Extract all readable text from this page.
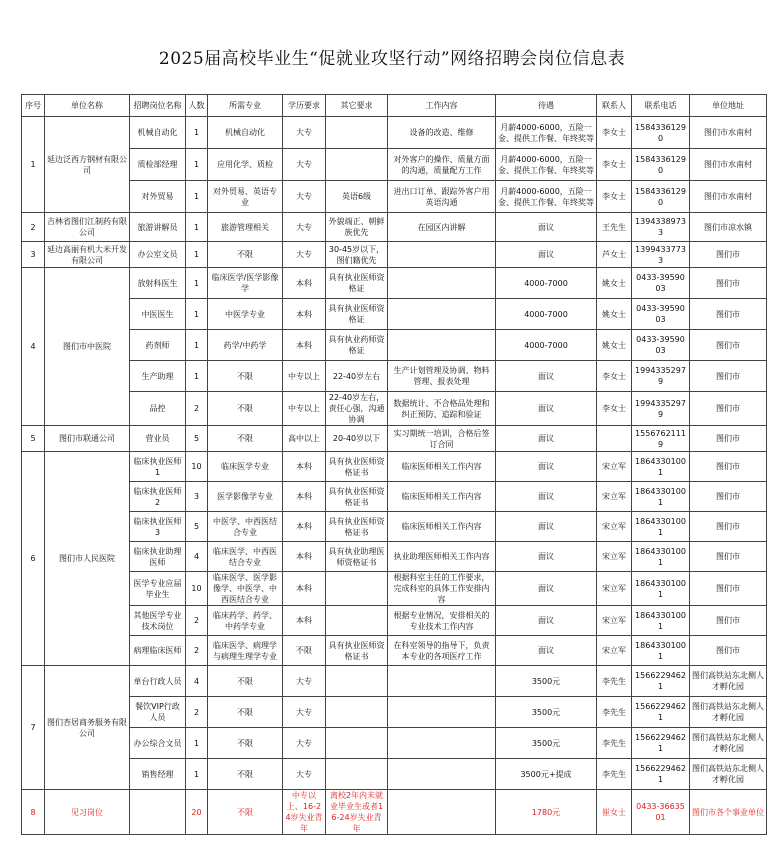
2025届高校毕业生“促就业攻坚行动”网络招聘会岗位信息表
序号	单位名称	招聘岗位名称	人数	所需专业	学历要求	其它要求	工作内容	待遇	联系人	联系电话	单位地址
1	延边泛西方钢材有限公司	机械自动化	1	机械自动化	大专		设备的改造、维修	月薪4000-6000，五险一金、提供工作餐、年终奖等	李女士	15843361290	图们市水南村
		质检部经理	1	应用化学、质检	大专		对外客户的操作、质量方面的沟通，质量配方工作	月薪4000-6000，五险一金、提供工作餐、年终奖等	李女士	15843361290	图们市水南村
		对外贸易	1	对外贸易、英语专业	大专	英语6级	进出口订单、跟踪外客户用英语沟通	月薪4000-6000，五险一金、提供工作餐、年终奖等	李女士	15843361290	图们市水南村
2	吉林省图们江制药有限公司	旅游讲解员	1	旅游管理相关	大专	外貌端正、朝鲜族优先	在园区内讲解	面议	王先生	13943389733	图们市凉水镇
3	延边高丽有机大米开发有限公司	办公室文员	1	不限	大专	30-45岁以下，图们籍优先		面议	芦女士	13994337733	图们市
4	图们市中医院	放射科医生	1	临床医学/医学影像学	本科	具有执业医师资格证		4000-7000	姚女士	0433-3959003	图们市
		中医医生	1	中医学专业	本科	具有执业医师资格证		4000-7000	姚女士	0433-3959003	图们市
		药剂师	1	药学/中药学	本科	具有执业药师资格证		4000-7000	姚女士	0433-3959003	图们市
		生产助理	1	不限	中专以上	22-40岁左右	生产计划管理及协调、物料管理、报表处理	面议	李女士	19943352979	图们市
		品控	2	不限	中专以上	22-40岁左右，责任心强，沟通协调	数据统计、不合格品处理和纠正预防、追踪和验证	面议	李女士	19943352979	图们市
5	图们市联通公司	营业员	5	不限	高中以上	20-40岁以下	实习期统一培训，合格后签订合同	面议		15567621119	图们市
6	图们市人民医院	临床执业医师1	10	临床医学专业	本科	具有执业医师资格证书	临床医师相关工作内容	面议	宋立军	18643301001	图们市
		临床执业医师2	3	医学影像学专业	本科	具有执业医师资格证书	临床医师相关工作内容	面议	宋立军	18643301001	图们市
		临床执业医师3	5	中医学、中西医结合专业	本科	具有执业医师资格证书	临床医师相关工作内容	面议	宋立军	18643301001	图们市
		临床执业助理医师	4	临床医学、中西医结合专业	本科	具有执业助理医师资格证书	执业助理医师相关工作内容	面议	宋立军	18643301001	图们市
		医学专业应届毕业生	10	临床医学、医学影像学、中医学、中西医结合专业	本科		根据科室主任的工作要求，完成科室的具体工作安排内容	面议	宋立军	18643301001	图们市
		其他医学专业技术岗位	2	临床药学、药学、中药学专业	本科		根据专业情况，安排相关的专业技术工作内容	面议	宋立军	18643301001	图们市
		病理临床医师	2	临床医学、病理学与病理生理学专业	不限	具有执业医师资格证书	在科室领导的指导下，负责本专业的各项医疗工作	面议	宋立军	18643301001	图们市
7	图们杏居商务服务有限公司	单台行政人员	4	不限	大专			3500元	李先生	15662294621	图们高铁站东北侧人才孵化园
		餐饮VIP行政人员	2	不限	大专			3500元	李先生	15662294621	图们高铁站东北侧人才孵化园
		办公综合文员	1	不限	大专			3500元	李先生	15662294621	图们高铁站东北侧人才孵化园
		销售经理	1	不限	大专			3500元+提成	李先生	15662294621	图们高铁站东北侧人才孵化园
8	见习岗位		20	不限	中专以上、16-24岁失业青年	离校2年内未就业毕业生或者16-24岁失业青年		1780元	崔女士	0433-3663501	图们市各个事业单位
